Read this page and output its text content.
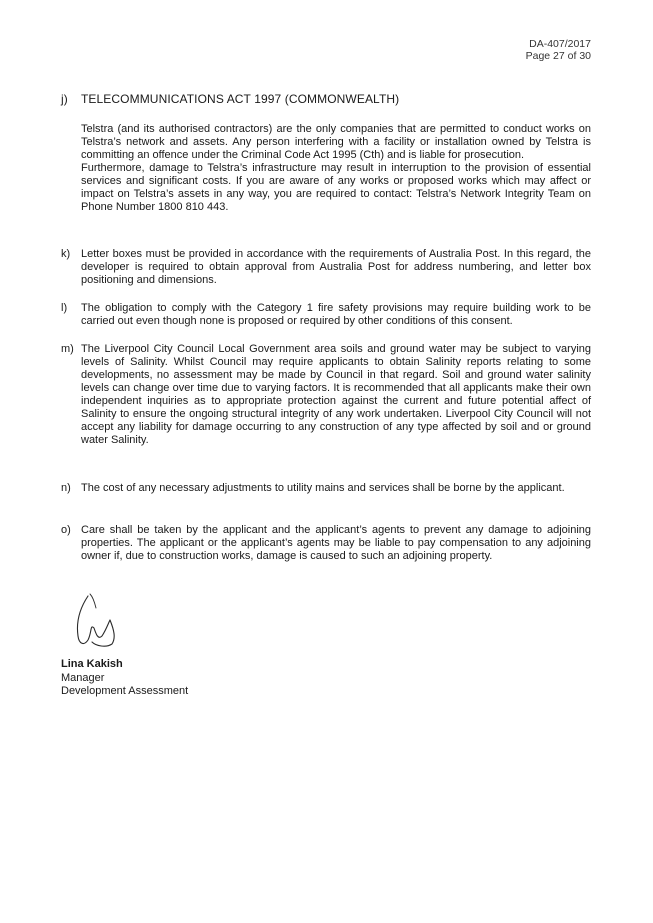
DA-407/2017
Page 27 of 30
j) TELECOMMUNICATIONS ACT 1997 (COMMONWEALTH)

Telstra (and its authorised contractors) are the only companies that are permitted to conduct works on Telstra’s network and assets. Any person interfering with a facility or installation owned by Telstra is committing an offence under the Criminal Code Act 1995 (Cth) and is liable for prosecution.

Furthermore, damage to Telstra’s infrastructure may result in interruption to the provision of essential services and significant costs. If you are aware of any works or proposed works which may affect or impact on Telstra’s assets in any way, you are required to contact: Telstra’s Network Integrity Team on Phone Number 1800 810 443.

k) Letter boxes must be provided in accordance with the requirements of Australia Post. In this regard, the developer is required to obtain approval from Australia Post for address numbering, and letter box positioning and dimensions.

l) The obligation to comply with the Category 1 fire safety provisions may require building work to be carried out even though none is proposed or required by other conditions of this consent.

m) The Liverpool City Council Local Government area soils and ground water may be subject to varying levels of Salinity. Whilst Council may require applicants to obtain Salinity reports relating to some developments, no assessment may be made by Council in that regard. Soil and ground water salinity levels can change over time due to varying factors. It is recommended that all applicants make their own independent inquiries as to appropriate protection against the current and future potential affect of Salinity to ensure the ongoing structural integrity of any work undertaken. Liverpool City Council will not accept any liability for damage occurring to any construction of any type affected by soil and or ground water Salinity.

n) The cost of any necessary adjustments to utility mains and services shall be borne by the applicant.

o) Care shall be taken by the applicant and the applicant’s agents to prevent any damage to adjoining properties. The applicant or the applicant’s agents may be liable to pay compensation to any adjoining owner if, due to construction works, damage is caused to such an adjoining property.

Lina Kakish
Manager
Development Assessment
